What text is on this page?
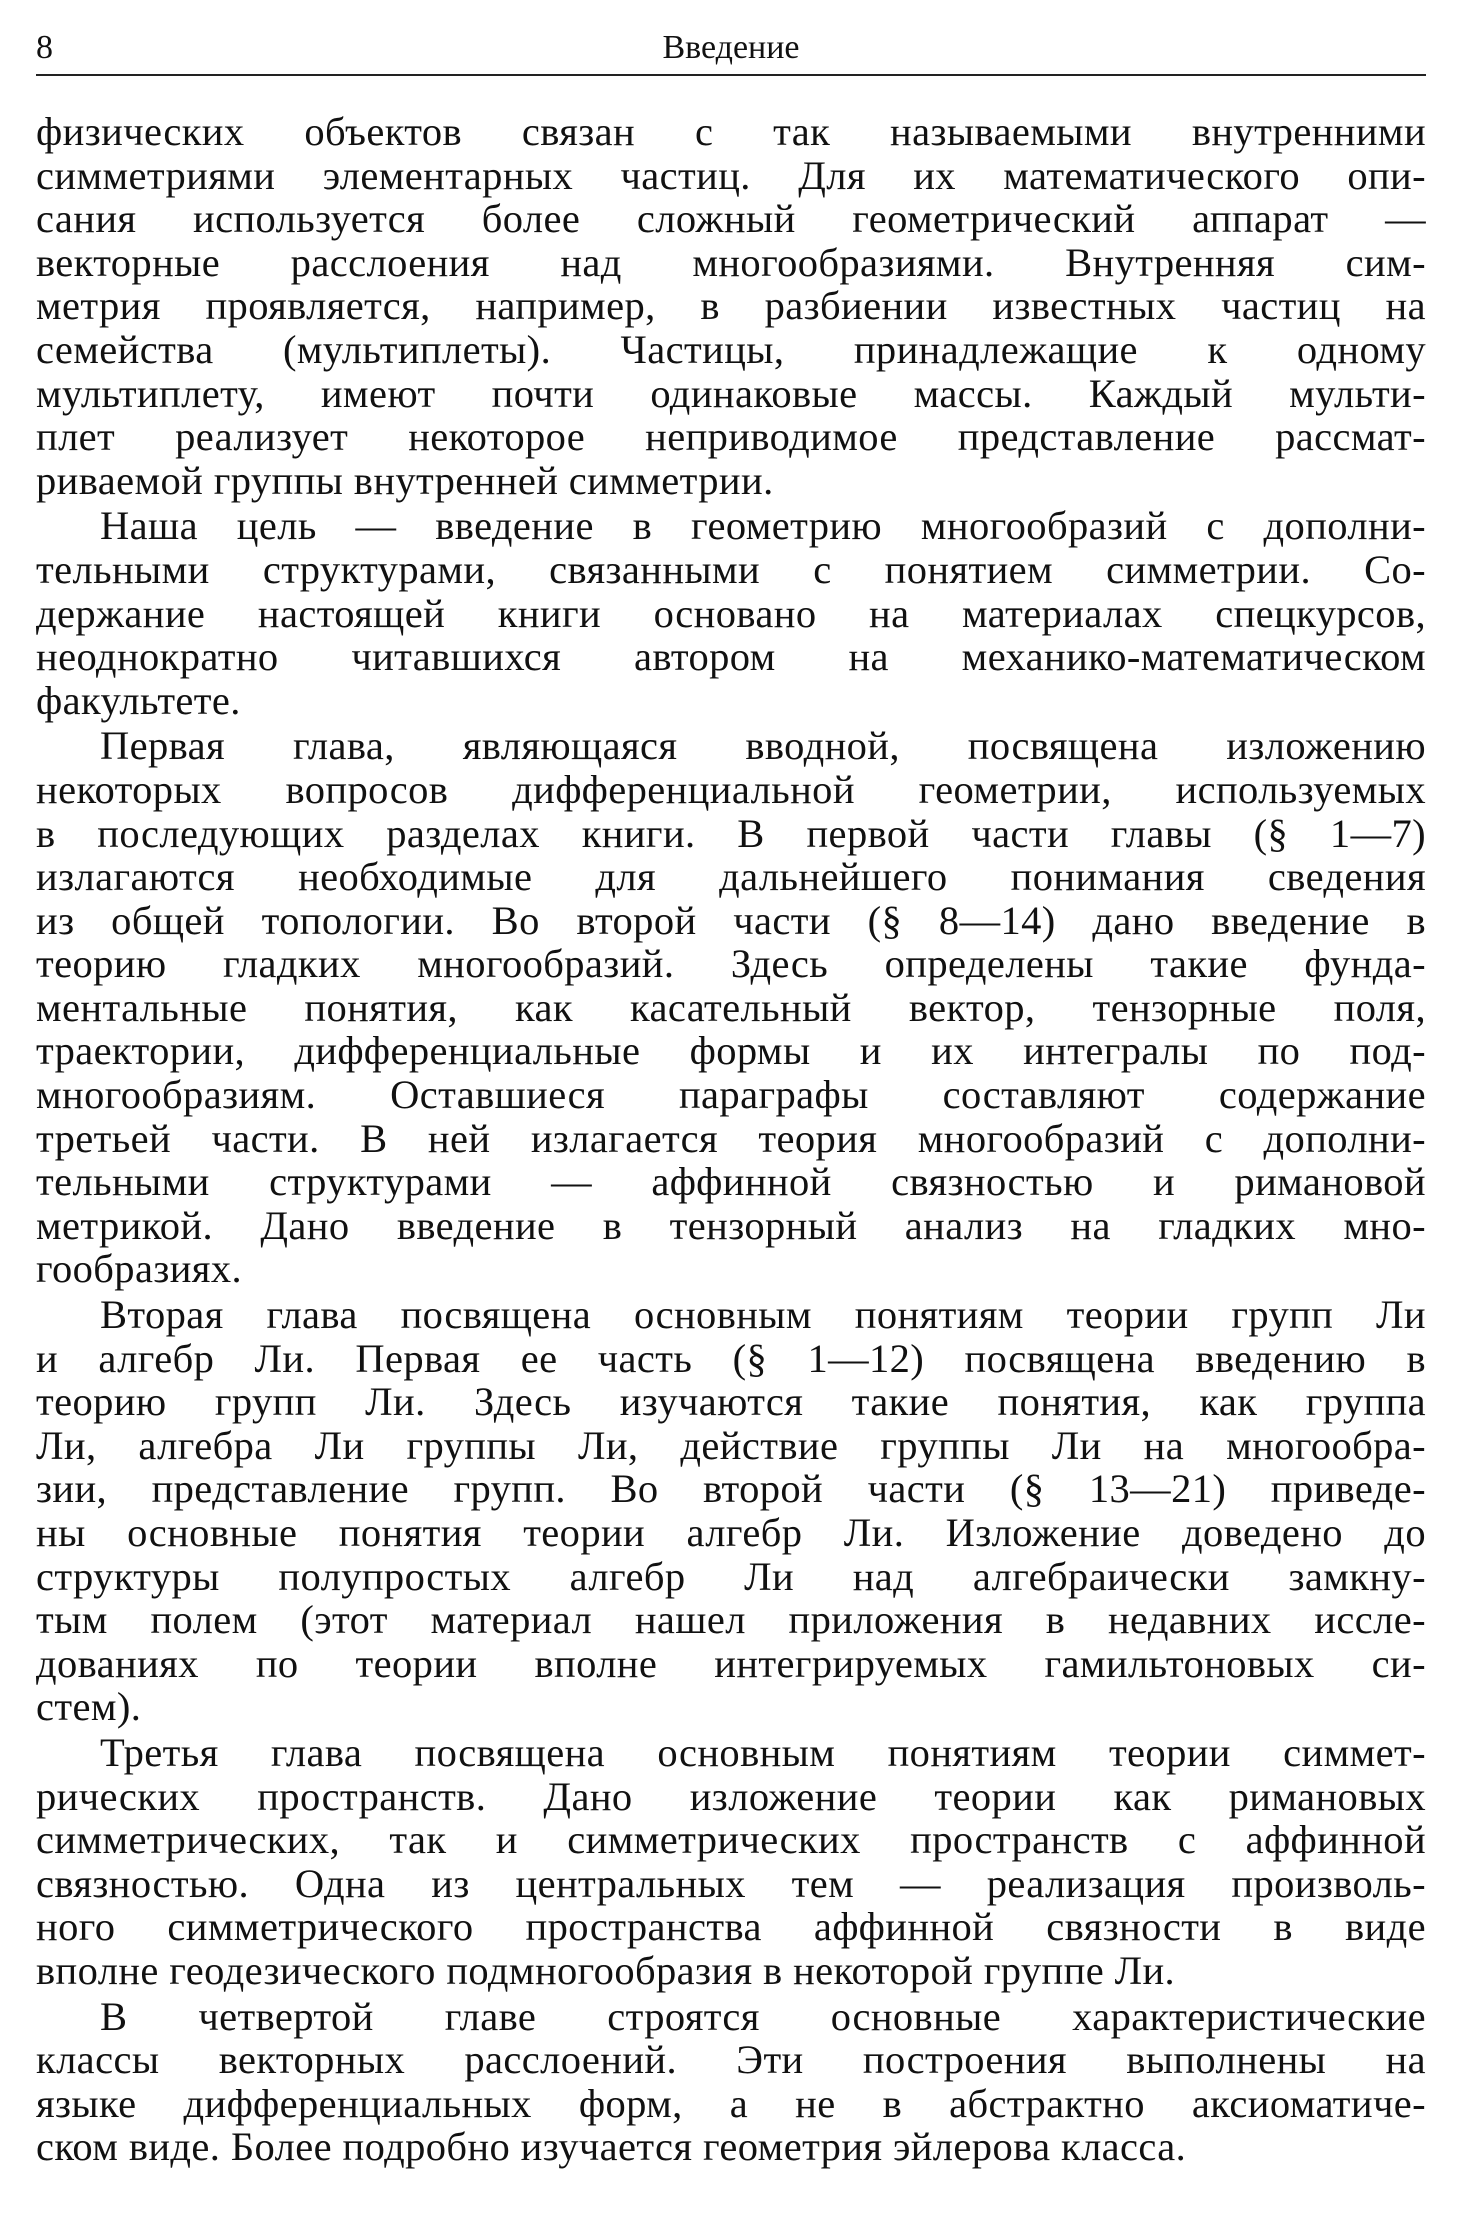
8	Введение

физических объектов связан с так называемыми внутренними
симметриями элементарных частиц. Для их математического опи-
сания используется более сложный геометрический аппарат —
векторные расслоения над многообразиями. Внутренняя сим-
метрия проявляется, например, в разбиении известных частиц на
семейства (мультиплеты). Частицы, принадлежащие к одному
мультиплету, имеют почти одинаковые массы. Каждый мульти-
плет реализует некоторое неприводимое представление рассмат-
риваемой группы внутренней симметрии.

Наша цель — введение в геометрию многообразий с дополни-
тельными структурами, связанными с понятием симметрии. Со-
держание настоящей книги основано на материалах спецкурсов,
неоднократно читавшихся автором на механико-математическом
факультете.

Первая глава, являющаяся вводной, посвящена изложению
некоторых вопросов дифференциальной геометрии, используемых
в последующих разделах книги. В первой части главы (§ 1—7)
излагаются необходимые для дальнейшего понимания сведения
из общей топологии. Во второй части (§ 8—14) дано введение в
теорию гладких многообразий. Здесь определены такие фунда-
ментальные понятия, как касательный вектор, тензорные поля,
траектории, дифференциальные формы и их интегралы по под-
многообразиям. Оставшиеся параграфы составляют содержание
третьей части. В ней излагается теория многообразий с дополни-
тельными структурами — аффинной связностью и римановой
метрикой. Дано введение в тензорный анализ на гладких мно-
гообразиях.

Вторая глава посвящена основным понятиям теории групп Ли
и алгебр Ли. Первая ее часть (§ 1—12) посвящена введению в
теорию групп Ли. Здесь изучаются такие понятия, как группа
Ли, алгебра Ли группы Ли, действие группы Ли на многообра-
зии, представление групп. Во второй части (§ 13—21) приведе-
ны основные понятия теории алгебр Ли. Изложение доведено до
структуры полупростых алгебр Ли над алгебраически замкну-
тым полем (этот материал нашел приложения в недавних иссле-
дованиях по теории вполне интегрируемых гамильтоновых си-
стем).

Третья глава посвящена основным понятиям теории симмет-
рических пространств. Дано изложение теории как римановых
симметрических, так и симметрических пространств с аффинной
связностью. Одна из центральных тем — реализация произволь-
ного симметрического пространства аффинной связности в виде
вполне геодезического подмногообразия в некоторой группе Ли.

В четвертой главе строятся основные характеристические
классы векторных расслоений. Эти построения выполнены на
языке дифференциальных форм, а не в абстрактно аксиоматиче-
ском виде. Более подробно изучается геометрия эйлерова класса.
